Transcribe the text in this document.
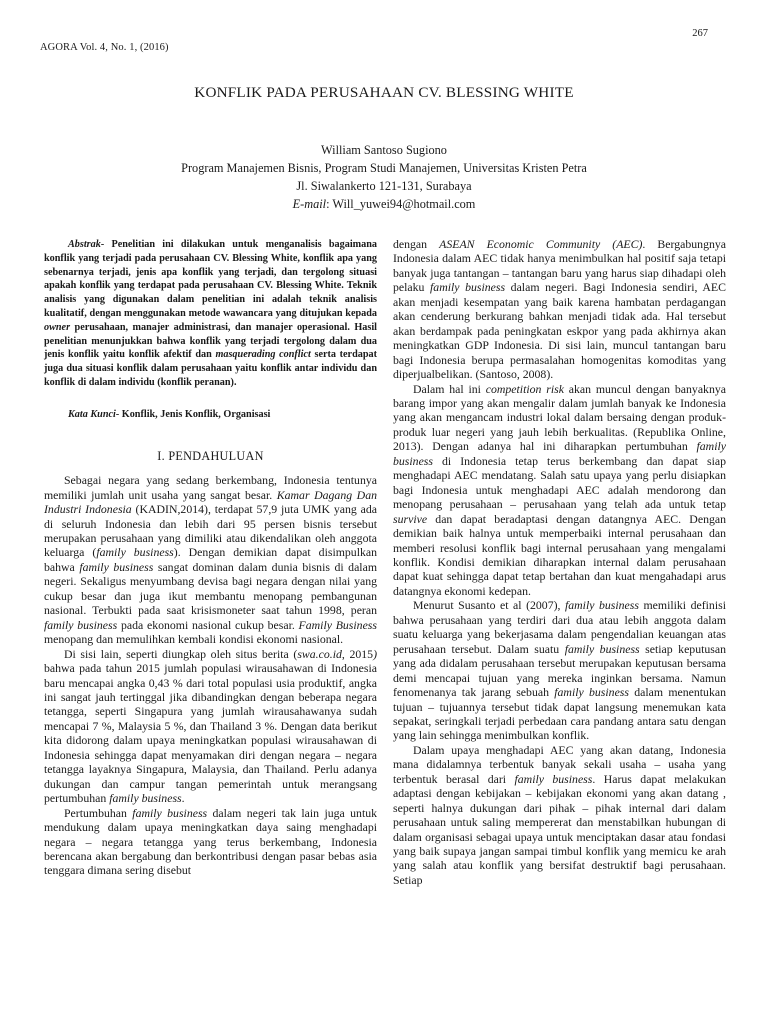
267
AGORA Vol. 4, No. 1, (2016)
KONFLIK PADA PERUSAHAAN CV. BLESSING WHITE
William Santoso Sugiono
Program Manajemen Bisnis, Program Studi Manajemen, Universitas Kristen Petra
Jl. Siwalankerto 121-131, Surabaya
E-mail: Will_yuwei94@hotmail.com

Abstrak- Penelitian ini dilakukan untuk menganalisis bagaimana konflik yang terjadi pada perusahaan CV. Blessing White, konflik apa yang sebenarnya terjadi, jenis apa konflik yang terjadi, dan tergolong situasi apakah konflik yang terdapat pada perusahaan CV. Blessing White. Teknik analisis yang digunakan dalam penelitian ini adalah teknik analisis kualitatif, dengan menggunakan metode wawancara yang ditujukan kepada owner perusahaan, manajer administrasi, dan manajer operasional. Hasil penelitian menunjukkan bahwa konflik yang terjadi tergolong dalam dua jenis konflik yaitu konflik afektif dan masquerading conflict serta terdapat juga dua situasi konflik dalam perusahaan yaitu konflik antar individu dan konflik di dalam individu (konflik peranan).

Kata Kunci- Konflik, Jenis Konflik, Organisasi

I. PENDAHULUAN

Sebagai negara yang sedang berkembang, Indonesia tentunya memiliki jumlah unit usaha yang sangat besar. Kamar Dagang Dan Industri Indonesia (KADIN,2014), terdapat 57,9 juta UMK yang ada di seluruh Indonesia dan lebih dari 95 persen bisnis tersebut merupakan perusahaan yang dimiliki atau dikendalikan oleh anggota keluarga (family business). Dengan demikian dapat disimpulkan bahwa family business sangat dominan dalam dunia bisnis di dalam negeri. Sekaligus menyumbang devisa bagi negara dengan nilai yang cukup besar dan juga ikut membantu menopang pembangunan nasional. Terbukti pada saat krisismoneter saat tahun 1998, peran family business pada ekonomi nasional cukup besar. Family Business menopang dan memulihkan kembali kondisi ekonomi nasional.

Di sisi lain, seperti diungkap oleh situs berita (swa.co.id, 2015) bahwa pada tahun 2015 jumlah populasi wirausahawan di Indonesia baru mencapai angka 0,43 % dari total populasi usia produktif, angka ini sangat jauh tertinggal jika dibandingkan dengan beberapa negara tetangga, seperti Singapura yang jumlah wirausahawanya sudah mencapai 7 %, Malaysia 5 %, dan Thailand 3 %. Dengan data berikut kita didorong dalam upaya meningkatkan populasi wirausahawan di Indonesia sehingga dapat menyamakan diri dengan negara – negara tetangga layaknya Singapura, Malaysia, dan Thailand. Perlu adanya dukungan dan campur tangan pemerintah untuk merangsang pertumbuhan family business.

Pertumbuhan family business dalam negeri tak lain juga untuk mendukung dalam upaya meningkatkan daya saing menghadapi negara – negara tetangga yang terus berkembang, Indonesia berencana akan bergabung dan berkontribusi dengan pasar bebas asia tenggara dimana sering disebut

dengan ASEAN Economic Community (AEC). Bergabungnya Indonesia dalam AEC tidak hanya menimbulkan hal positif saja tetapi banyak juga tantangan – tantangan baru yang harus siap dihadapi oleh pelaku family business dalam negeri. Bagi Indonesia sendiri, AEC akan menjadi kesempatan yang baik karena hambatan perdagangan akan cenderung berkurang bahkan menjadi tidak ada. Hal tersebut akan berdampak pada peningkatan eskpor yang pada akhirnya akan meningkatkan GDP Indonesia. Di sisi lain, muncul tantangan baru bagi Indonesia berupa permasalahan homogenitas komoditas yang diperjualbelikan. (Santoso, 2008).

Dalam hal ini competition risk akan muncul dengan banyaknya barang impor yang akan mengalir dalam jumlah banyak ke Indonesia yang akan mengancam industri lokal dalam bersaing dengan produk-produk luar negeri yang jauh lebih berkualitas. (Republika Online, 2013). Dengan adanya hal ini diharapkan pertumbuhan family business di Indonesia tetap terus berkembang dan dapat siap menghadapi AEC mendatang. Salah satu upaya yang perlu disiapkan bagi Indonesia untuk menghadapi AEC adalah mendorong dan menopang perusahaan – perusahaan yang telah ada untuk tetap survive dan dapat beradaptasi dengan datangnya AEC. Dengan demikian baik halnya untuk memperbaiki internal perusahaan dan memberi resolusi konflik bagi internal perusahaan yang mengalami konflik. Kondisi demikian diharapkan internal dalam perusahaan dapat kuat sehingga dapat tetap bertahan dan kuat mengahadapi arus datangnya ekonomi kedepan.

Menurut Susanto et al (2007), family business memiliki definisi bahwa perusahaan yang terdiri dari dua atau lebih anggota dalam suatu keluarga yang bekerjasama dalam pengendalian keuangan atas perusahaan tersebut. Dalam suatu family business setiap keputusan yang ada didalam perusahaan tersebut merupakan keputusan bersama demi mencapai tujuan yang mereka inginkan bersama. Namun fenomenanya tak jarang sebuah family business dalam menentukan tujuan – tujuannya tersebut tidak dapat langsung menemukan kata sepakat, seringkali terjadi perbedaan cara pandang antara satu dengan yang lain sehingga menimbulkan konflik.

Dalam upaya menghadapi AEC yang akan datang, Indonesia mana didalamnya terbentuk banyak sekali usaha – usaha yang terbentuk berasal dari family business. Harus dapat melakukan adaptasi dengan kebijakan – kebijakan ekonomi yang akan datang , seperti halnya dukungan dari pihak – pihak internal dari dalam perusahaan untuk saling mempererat dan menstabilkan hubungan di dalam organisasi sebagai upaya untuk menciptakan dasar atau fondasi yang baik supaya jangan sampai timbul konflik yang memicu ke arah yang salah atau konflik yang bersifat destruktif bagi perusahaan. Setiap
